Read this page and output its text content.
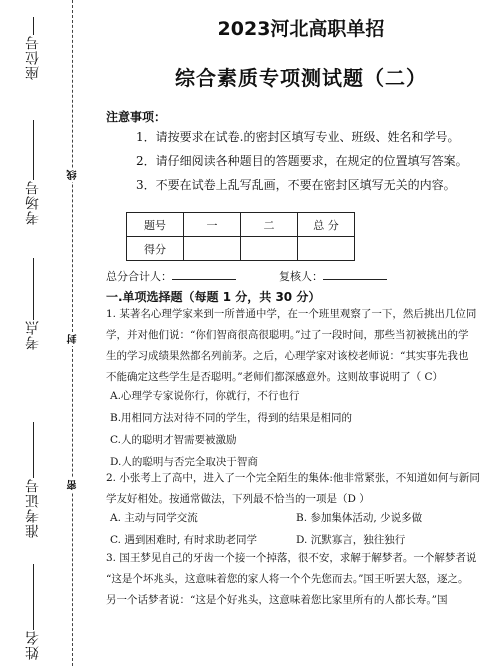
座位号
考场号
考点
准考证号
姓名
线
封
密
2023河北高职单招
综合素质专项测试题（二）
注意事项：
1．请按要求在试卷.的密封区填写专业、班级、姓名和学号。
2．请仔细阅读各种题目的答题要求，在规定的位置填写答案。
3．不要在试卷上乱写乱画，不要在密封区填写无关的内容。
题号	一	二	总 分
得分			
总分合计人：	复核人：
一.单项选择题（每题 1 分，共 30 分）
1. 某著名心理学家来到一所普通中学，在一个班里观察了一下，然后挑出几位同
学，并对他们说：“你们智商很高很聪明。”过了一段时间，那些当初被挑出的学
生的学习成绩果然都名列前茅。之后，心理学家对该校老师说：“其实事先我也
不能确定这些学生是否聪明。”老师们都深感意外。这则故事说明了（ C）
A.心理学专家说你行，你就行，不行也行
B.用相同方法对待不同的学生，得到的结果是相同的
C.人的聪明才智需要被激励
D.人的聪明与否完全取决于智商
2. 小张考上了高中，进入了一个完全陌生的集体:他非常紧张，不知道如何与新同
学友好相处。按通常做法，下列最不恰当的一项是（D ）
A. 主动与同学交流	B. 参加集体活动, 少说多做
C. 遇到困难时, 有时求助老同学	D. 沉默寡言，独往独行
3. 国王梦见自己的牙齿一个接一个掉落，很不安，求解于解梦者。一个解梦者说
“这是个坏兆头，这意味着您的家人将一个个先您而去。”国王听罢大怒，逐之。
另一个话梦者说：“这是个好兆头，这意味着您比家里所有的人都长寿。”国
